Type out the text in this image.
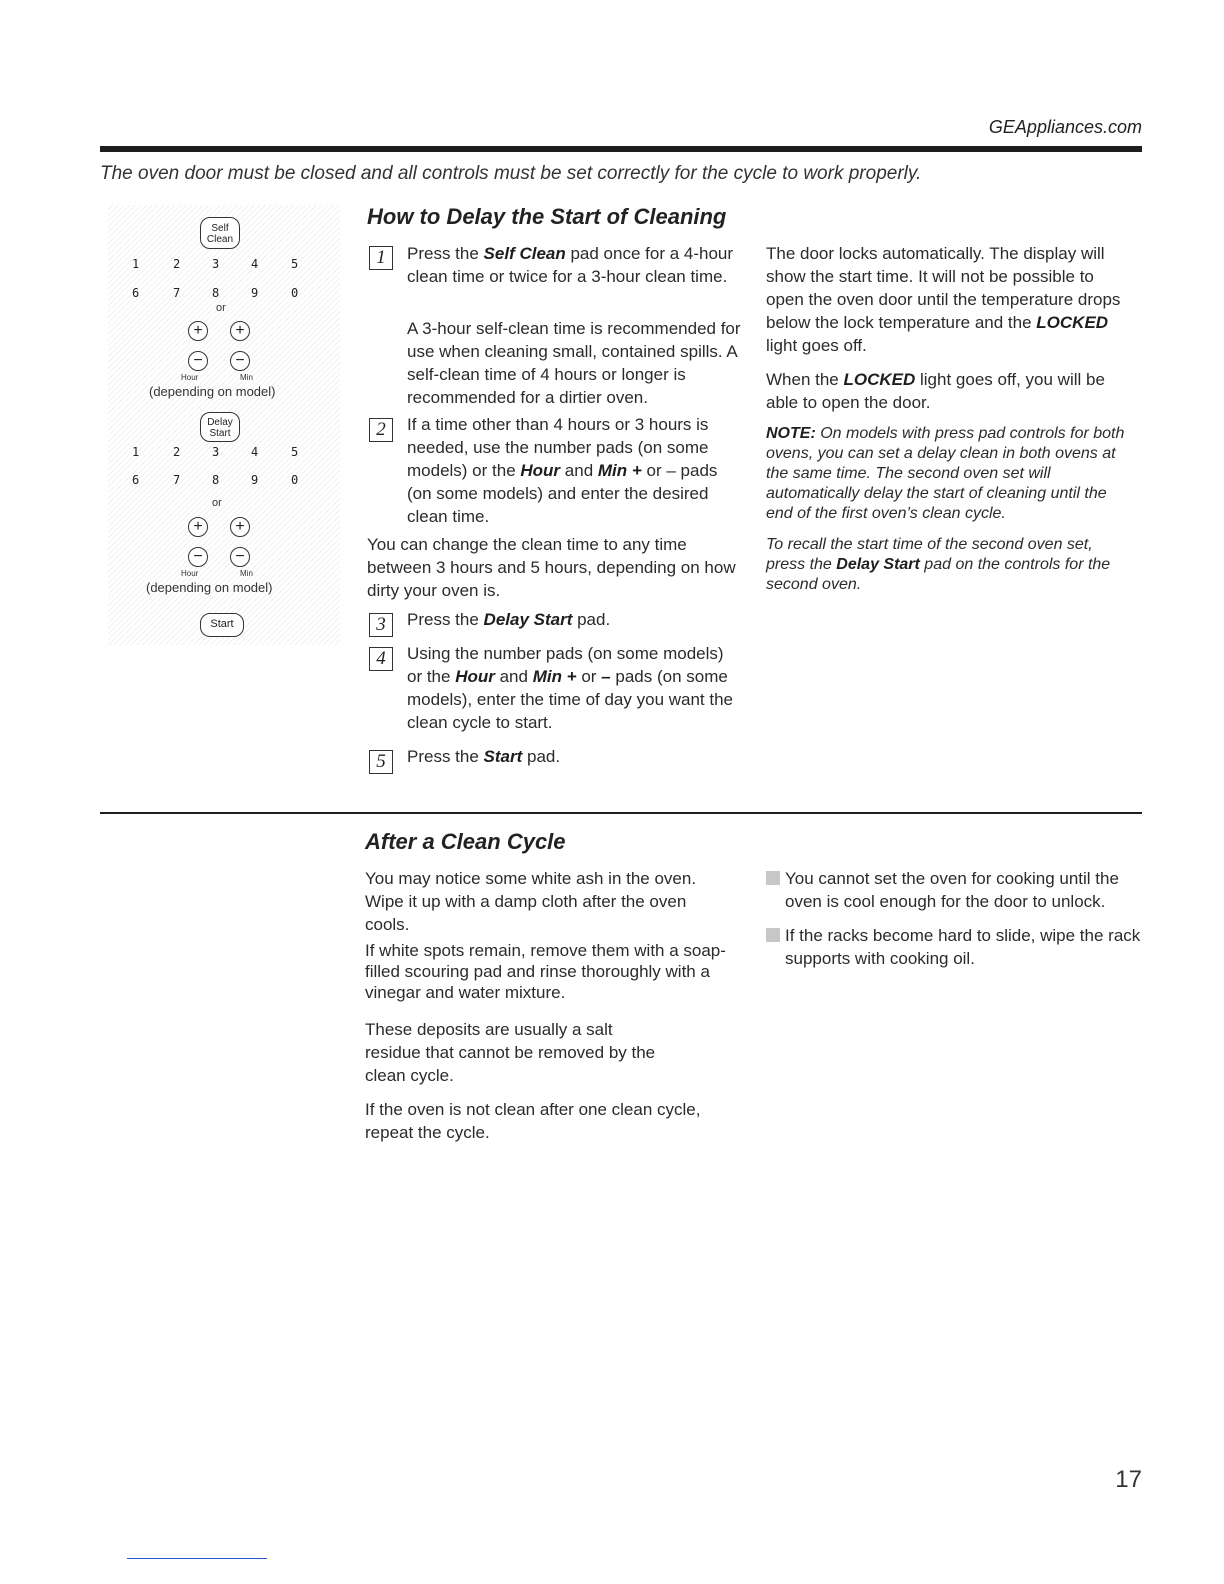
GEAppliances.com
The oven door must be closed and all controls must be set correctly for the cycle to work properly.
Self Clean
1	2	3	4	5
6	7	8	9	0
or
+	+
−	−
Hour	Min
(depending on model)
Delay Start
1	2	3	4	5
6	7	8	9	0
or
+	+
−	−
Hour	Min
(depending on model)
Start
How to Delay the Start of Cleaning
1	Press the Self Clean pad once for a 4-hour clean time or twice for a 3-hour clean time.
A 3-hour self-clean time is recommended for use when cleaning small, contained spills. A self-clean time of 4 hours or longer is recommended for a dirtier oven.
2	If a time other than 4 hours or 3 hours is needed, use the number pads (on some models) or the Hour and Min + or – pads (on some models) and enter the desired clean time.
You can change the clean time to any time between 3 hours and 5 hours, depending on how dirty your oven is.
3	Press the Delay Start pad.
4	Using the number pads (on some models) or the Hour and Min + or – pads (on some models), enter the time of day you want the clean cycle to start.
5	Press the Start pad.
The door locks automatically. The display will show the start time. It will not be possible to open the oven door until the temperature drops below the lock temperature and the LOCKED light goes off.
When the LOCKED light goes off, you will be able to open the door.
NOTE: On models with press pad controls for both ovens, you can set a delay clean in both ovens at the same time. The second oven set will automatically delay the start of cleaning until the end of the first oven’s clean cycle.
To recall the start time of the second oven set, press the Delay Start pad on the controls for the second oven.
After a Clean Cycle
You may notice some white ash in the oven. Wipe it up with a damp cloth after the oven cools.
If white spots remain, remove them with a soap-filled scouring pad and rinse thoroughly with a vinegar and water mixture.
These deposits are usually a salt residue that cannot be removed by the clean cycle.
If the oven is not clean after one clean cycle, repeat the cycle.
You cannot set the oven for cooking until the oven is cool enough for the door to unlock.
If the racks become hard to slide, wipe the rack supports with cooking oil.
17
